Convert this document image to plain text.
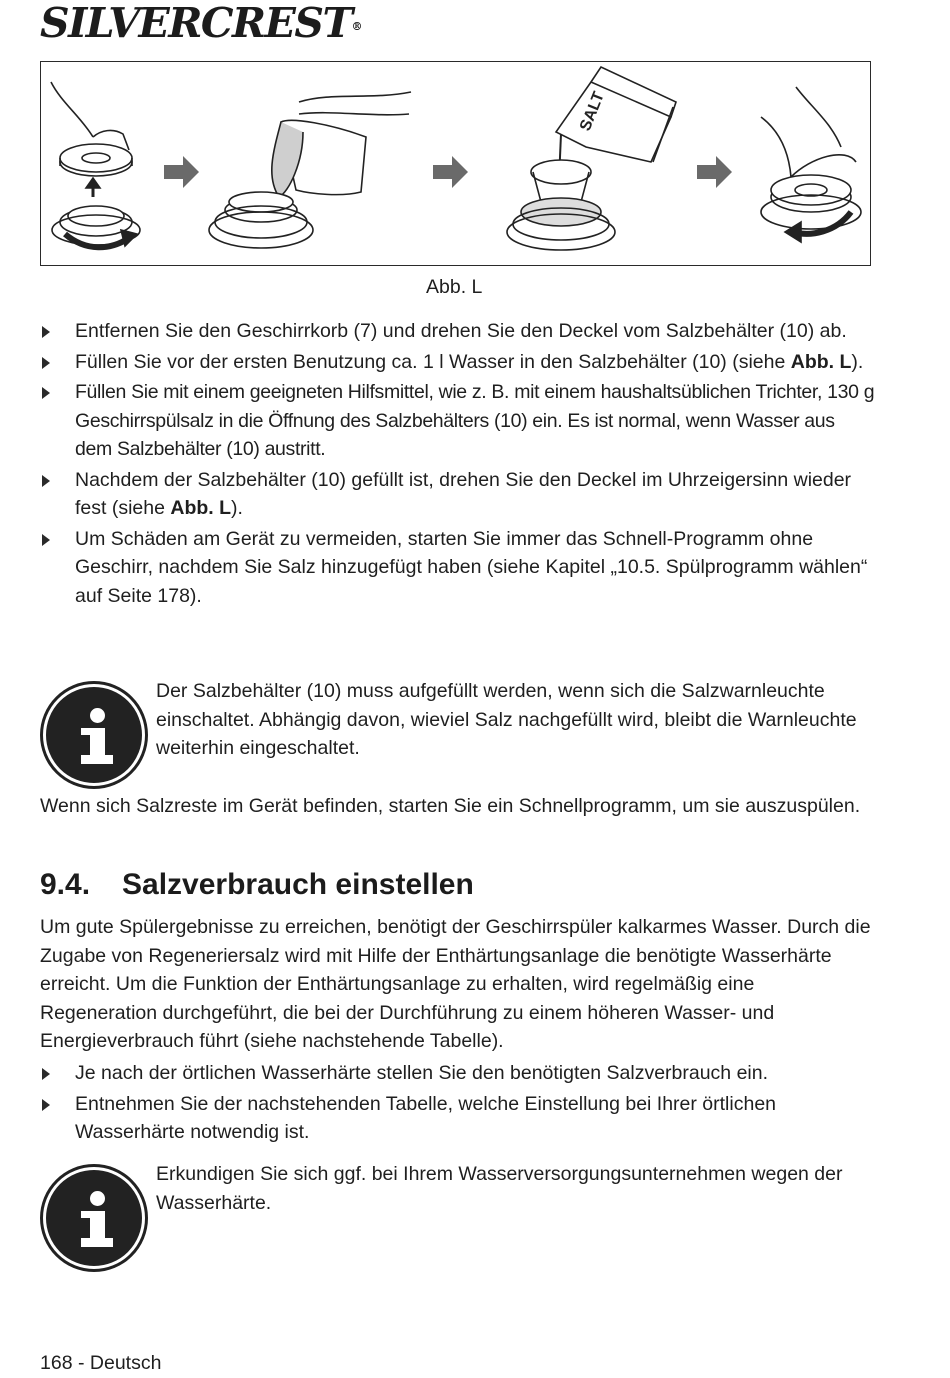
SILVERCREST®
SALT
Abb. L
Entfernen Sie den Geschirrkorb (7) und drehen Sie den Deckel vom Salzbehälter (10) ab.
Füllen Sie vor der ersten Benutzung ca. 1 l Wasser in den Salzbehälter (10) (siehe Abb. L).
Füllen Sie mit einem geeigneten Hilfsmittel, wie z. B. mit einem haushaltsüblichen Trichter, 130 g Geschirrspülsalz in die Öffnung des Salzbehälters (10) ein. Es ist normal, wenn Wasser aus dem Salzbehälter (10) austritt.
Nachdem der Salzbehälter (10) gefüllt ist, drehen Sie den Deckel im Uhrzeigersinn wieder fest (siehe Abb. L).
Um Schäden am Gerät zu vermeiden, starten Sie immer das Schnell-Programm ohne Geschirr, nachdem Sie Salz hinzugefügt haben (siehe Kapitel „10.5. Spülprogramm wählen“ auf Seite 178).
Der Salzbehälter (10) muss aufgefüllt werden, wenn sich die Salzwarnleuchte einschaltet. Abhängig davon, wieviel Salz nachgefüllt wird, bleibt die Warnleuchte weiterhin eingeschaltet.
Wenn sich Salzreste im Gerät befinden, starten Sie ein Schnellprogramm, um sie auszuspülen.
9.4. Salzverbrauch einstellen
Um gute Spülergebnisse zu erreichen, benötigt der Geschirrspüler kalkarmes Wasser. Durch die Zugabe von Regeneriersalz wird mit Hilfe der Enthärtungsanlage die benötigte Wasserhärte erreicht. Um die Funktion der Enthärtungsanlage zu erhalten, wird regelmäßig eine Regeneration durchgeführt, die bei der Durchführung zu einem höheren Wasser- und Energieverbrauch führt (siehe nachstehende Tabelle).
Je nach der örtlichen Wasserhärte stellen Sie den benötigten Salzverbrauch ein.
Entnehmen Sie der nachstehenden Tabelle, welche Einstellung bei Ihrer örtlichen Wasserhärte notwendig ist.
Erkundigen Sie sich ggf. bei Ihrem Wasserversorgungsunternehmen wegen der Wasserhärte.
168 - Deutsch
